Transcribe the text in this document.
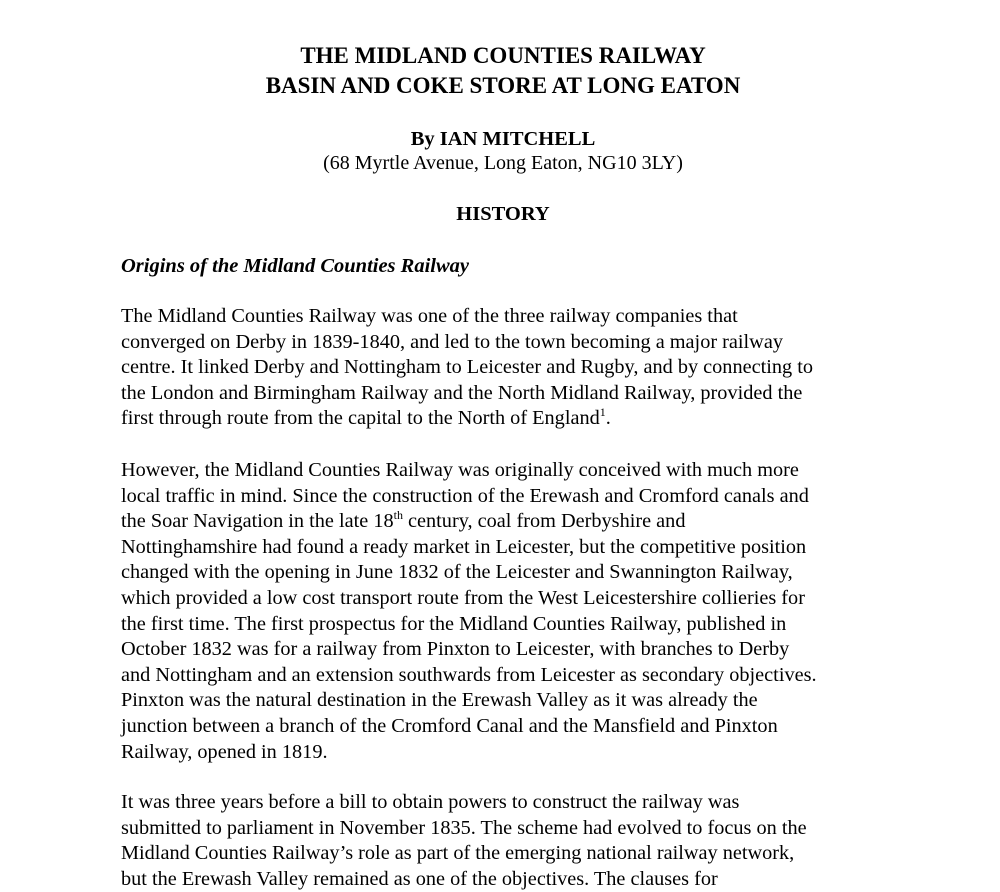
THE MIDLAND COUNTIES RAILWAY
BASIN AND COKE STORE AT LONG EATON
By IAN MITCHELL
(68 Myrtle Avenue, Long Eaton, NG10 3LY)
HISTORY
Origins of the Midland Counties Railway
The Midland Counties Railway was one of the three railway companies that
converged on Derby in 1839-1840, and led to the town becoming a major railway
centre. It linked Derby and Nottingham to Leicester and Rugby, and by connecting to
the London and Birmingham Railway and the North Midland Railway, provided the
first through route from the capital to the North of England$^1$.
However, the Midland Counties Railway was originally conceived with much more
local traffic in mind. Since the construction of the Erewash and Cromford canals and
the Soar Navigation in the late 18th century, coal from Derbyshire and
Nottinghamshire had found a ready market in Leicester, but the competitive position
changed with the opening in June 1832 of the Leicester and Swannington Railway,
which provided a low cost transport route from the West Leicestershire collieries for
the first time. The first prospectus for the Midland Counties Railway, published in
October 1832 was for a railway from Pinxton to Leicester, with branches to Derby
and Nottingham and an extension southwards from Leicester as secondary objectives.
Pinxton was the natural destination in the Erewash Valley as it was already the
junction between a branch of the Cromford Canal and the Mansfield and Pinxton
Railway, opened in 1819.
It was three years before a bill to obtain powers to construct the railway was
submitted to parliament in November 1835. The scheme had evolved to focus on the
Midland Counties Railway’s role as part of the emerging national railway network,
but the Erewash Valley remained as one of the objectives. The clauses for
